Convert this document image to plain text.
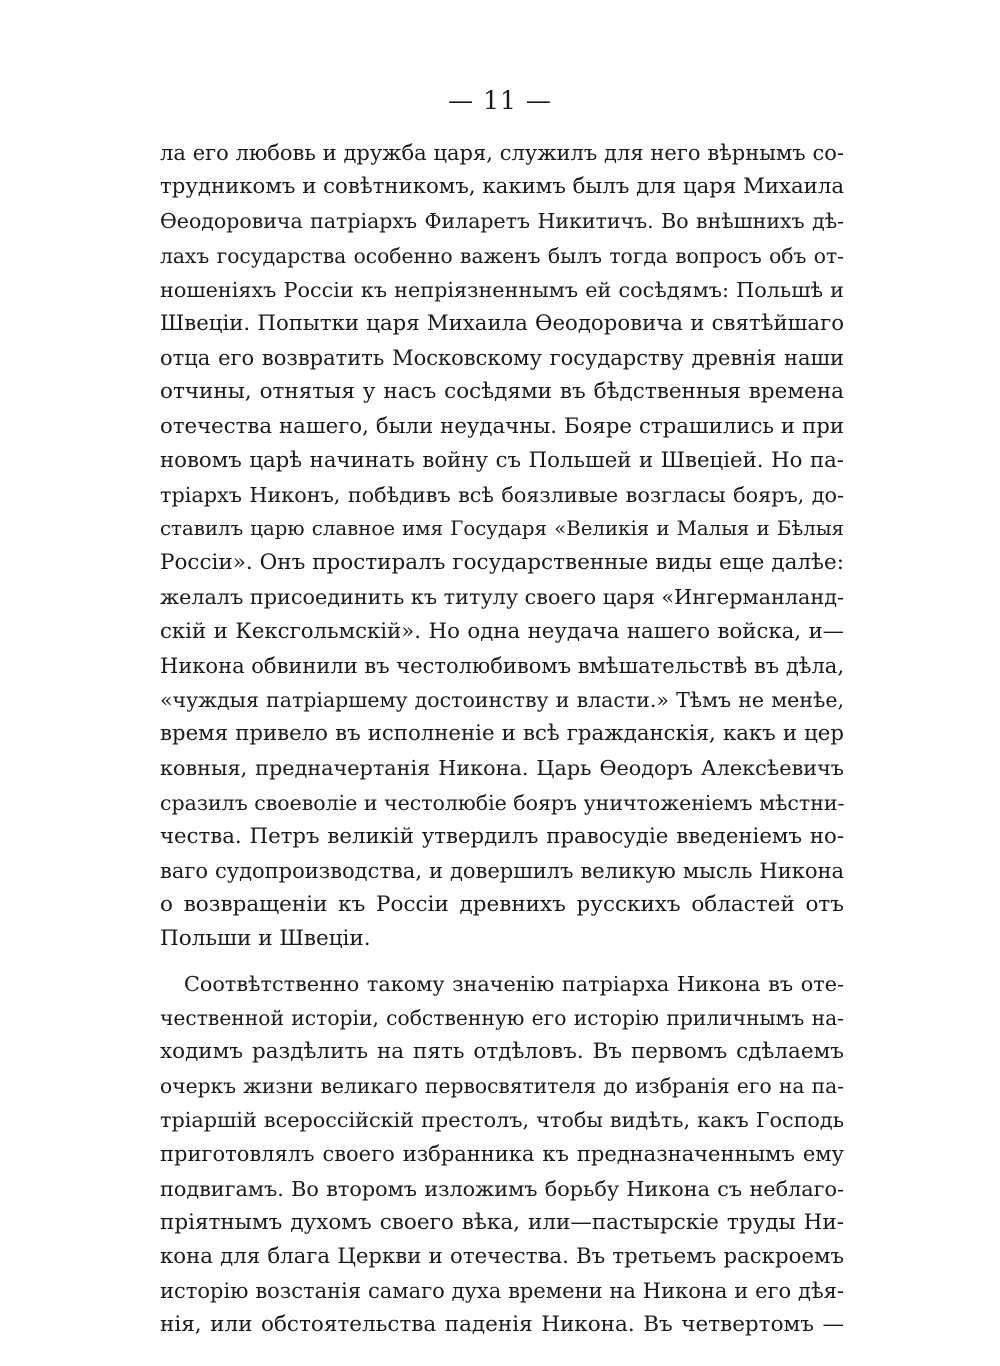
— 11 —
ла его любовь и дружба царя, служилъ для него вѣрнымъ со-
трудникомъ и совѣтникомъ, какимъ былъ для царя Михаила
Ѳеодоровича патріархъ Филаретъ Никитичъ. Во внѣшнихъ дѣ-
лахъ государства особенно важенъ былъ тогда вопросъ объ от-
ношеніяхъ Россіи къ непріязненнымъ ей сосѣдямъ: Польшѣ и
Швеціи. Попытки царя Михаила Ѳеодоровича и святѣйшаго
отца его возвратить Московскому государству древнія наши
отчины, отнятыя у насъ сосѣдями въ бѣдственныя времена
отечества нашего, были неудачны. Бояре страшились и при
новомъ царѣ начинать войну съ Польшей и Швеціей. Но па-
тріархъ Никонъ, побѣдивъ всѣ боязливые возгласы бояръ, до-
ставилъ царю славное имя Государя «Великія и Малыя и Бѣлыя
Россіи». Онъ простиралъ государственные виды еще далѣе:
желалъ присоединить къ титулу своего царя «Ингерманланд-
скій и Кексгольмскій». Но одна неудача нашего войска, и—
Никона обвинили въ честолюбивомъ вмѣшательствѣ въ дѣла,
«чуждыя патріаршему достоинству и власти.» Тѣмъ не менѣе,
время привело въ исполненіе и всѣ гражданскія, какъ и цер
ковныя, предначертанія Никона. Царь Ѳеодоръ Алексѣевичъ
сразилъ своеволіе и честолюбіе бояръ уничтоженіемъ мѣстни-
чества. Петръ великій утвердилъ правосудіе введеніемъ но-
ваго судопроизводства, и довершилъ великую мысль Никона
о возвращеніи къ Россіи древнихъ русскихъ областей отъ
Польши и Швеціи.
Соотвѣтственно такому значенію патріарха Никона въ оте-
чественной исторіи, собственную его исторію приличнымъ на-
ходимъ раздѣлить на пять отдѣловъ. Въ первомъ сдѣлаемъ
очеркъ жизни великаго первосвятителя до избранія его на па-
тріаршій всероссійскій престолъ, чтобы видѣть, какъ Господь
приготовлялъ своего избранника къ предназначеннымъ ему
подвигамъ. Во второмъ изложимъ борьбу Никона съ неблаго-
пріятнымъ духомъ своего вѣка, или—пастырскіе труды Ни-
кона для блага Церкви и отечества. Въ третьемъ раскроемъ
исторію возстанія самаго духа времени на Никона и его дѣя-
нія, или обстоятельства паденія Никона. Въ четвертомъ —
